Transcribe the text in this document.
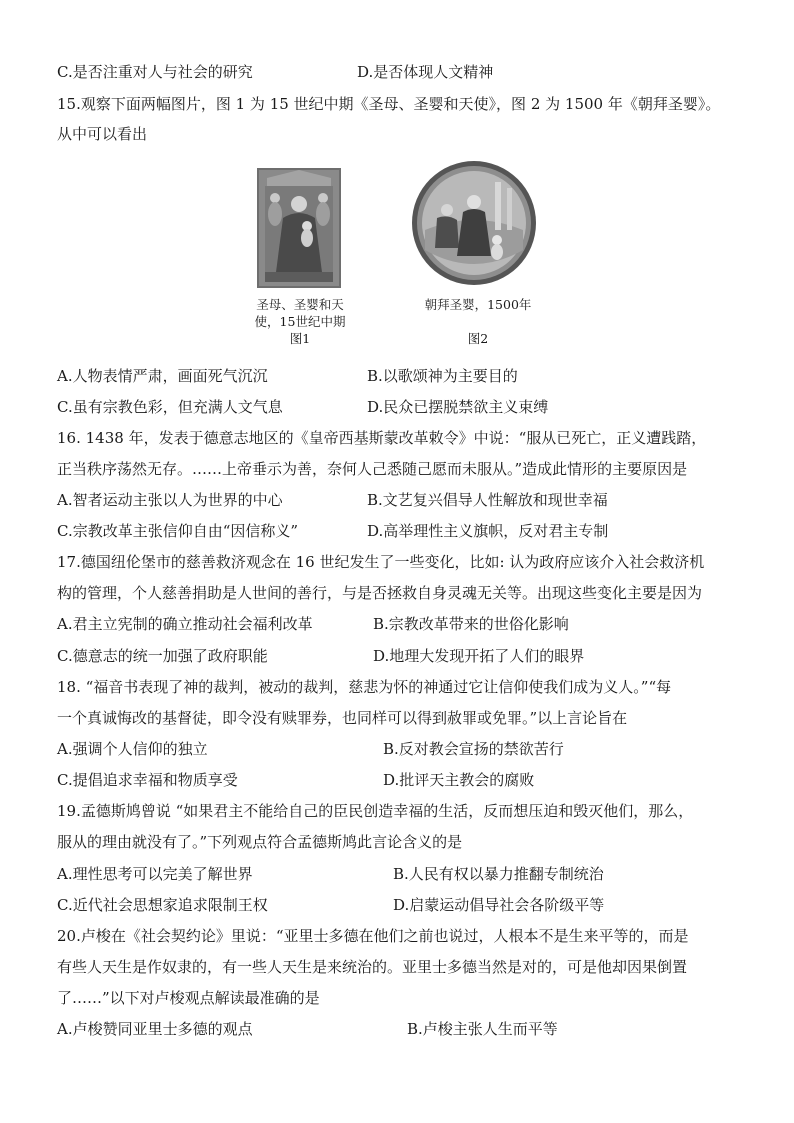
C.是否注重对人与社会的研究	D.是否体现人文精神
15.观察下面两幅图片，图 1 为 15 世纪中期《圣母、圣婴和天使》，图 2 为 1500 年《朝拜圣婴》。
从中可以看出
圣母、圣婴和天
使，15世纪中期
图1
朝拜圣婴，1500年
图2
A.人物表情严肃，画面死气沉沉	B.以歌颂神为主要目的
C.虽有宗教色彩，但充满人文气息	D.民众已摆脱禁欲主义束缚
16. 1438 年，发表于德意志地区的《皇帝西基斯蒙改革敕令》中说：“服从已死亡，正义遭践踏，
正当秩序荡然无存。……上帝垂示为善，奈何人己悉随己愿而未服从。”造成此情形的主要原因是
A.智者运动主张以人为世界的中心	B.文艺复兴倡导人性解放和现世幸福
C.宗教改革主张信仰自由“因信称义”	D.高举理性主义旗帜，反对君主专制
17.德国纽伦堡市的慈善救济观念在 16 世纪发生了一些变化，比如: 认为政府应该介入社会救济机
构的管理，个人慈善捐助是人世间的善行，与是否拯救自身灵魂无关等。出现这些变化主要是因为
A.君主立宪制的确立推动社会福利改革	B.宗教改革带来的世俗化影响
C.德意志的统一加强了政府职能	D.地理大发现开拓了人们的眼界
18. “福音书表现了神的裁判，被动的裁判，慈悲为怀的神通过它让信仰使我们成为义人。”“每
一个真诚悔改的基督徒，即令没有赎罪券，也同样可以得到赦罪或免罪。”以上言论旨在
A.强调个人信仰的独立	B.反对教会宣扬的禁欲苦行
C.提倡追求幸福和物质享受	D.批评天主教会的腐败
19.孟德斯鸠曾说 “如果君主不能给自己的臣民创造幸福的生活，反而想压迫和毁灭他们，那么，
服从的理由就没有了。”下列观点符合孟德斯鸠此言论含义的是
A.理性思考可以完美了解世界	B.人民有权以暴力推翻专制统治
C.近代社会思想家追求限制王权	D.启蒙运动倡导社会各阶级平等
20.卢梭在《社会契约论》里说：“亚里士多德在他们之前也说过，人根本不是生来平等的，而是
有些人天生是作奴隶的，有一些人天生是来统治的。亚里士多德当然是对的，可是他却因果倒置
了……”以下对卢梭观点解读最准确的是
A.卢梭赞同亚里士多德的观点	B.卢梭主张人生而平等
